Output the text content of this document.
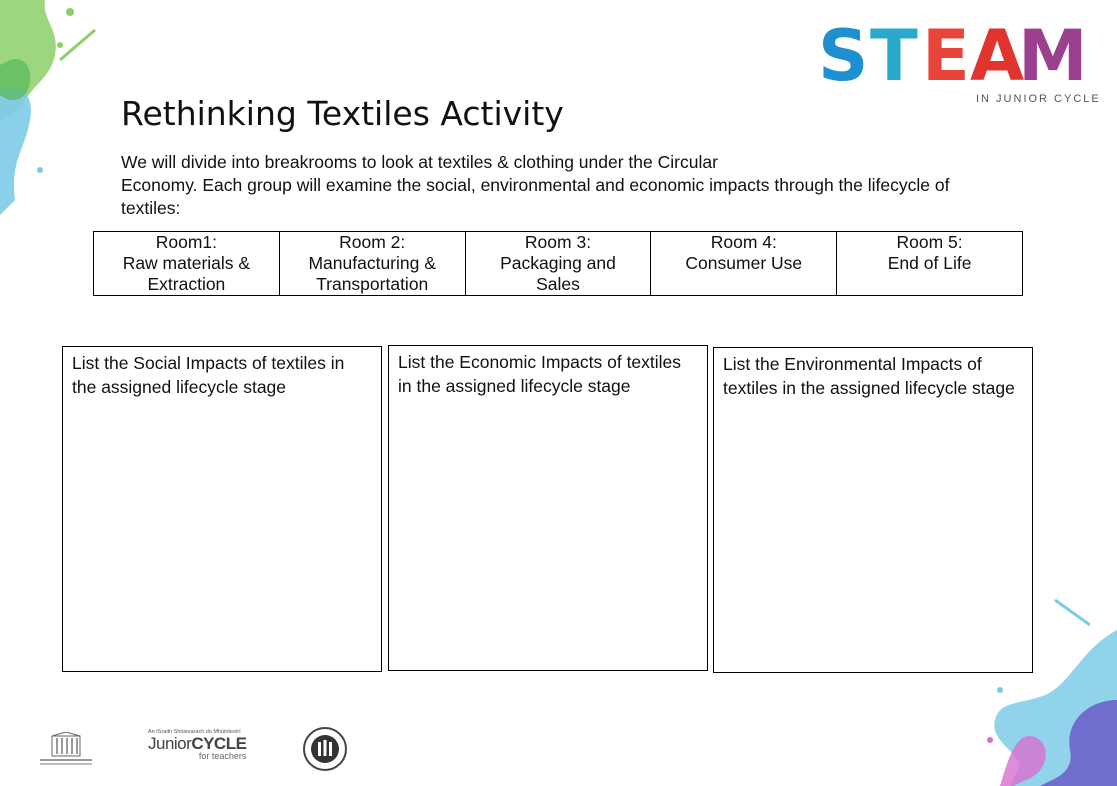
S T E A
M
IN JUNIOR CYCLE
Rethinking Textiles Activity

We will divide into breakrooms to look at textiles & clothing under the Circular
Economy. Each group will examine the social, environmental and economic impacts through the lifecycle of
textiles:

Room1:
Raw materials &
Extraction	Room 2:
Manufacturing &
Transportation	Room 3:
Packaging and
Sales	Room 4:
Consumer Use	Room 5:
End of Life
List the Social Impacts of textiles in the assigned lifecycle stage
List the Economic Impacts of textiles in the assigned lifecycle stage
List the Environmental Impacts of textiles in the assigned lifecycle stage
An tSraith Shóisearach do Mhúinteoirí
JuniorCYCLE
for teachers
